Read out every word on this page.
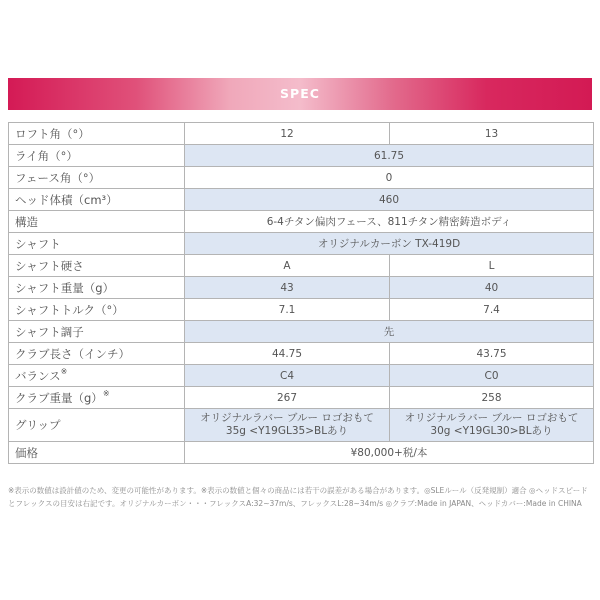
SPEC
ロフト角（°）	12	13
ライ角（°）	61.75	
フェース角（°）	0	
ヘッド体積（cm³）	460	
構造	6-4チタン偏肉フェース、811チタン精密鋳造ボディ	
シャフト	オリジナルカーボン TX-419D	
シャフト硬さ	A	L
シャフト重量（g）	43	40
シャフトトルク（°）	7.1	7.4
シャフト調子	先	
クラブ長さ（インチ）	44.75	43.75
バランス※	C4	C0
クラブ重量（g）※	267	258
グリップ	オリジナルラバー ブルー ロゴおもて 35g <Y19GL35>BLあり	オリジナルラバー ブルー ロゴおもて 30g <Y19GL30>BLあり
価格	¥80,000+税/本	
※表示の数値は設計値のため、変更の可能性があります。※表示の数値と個々の商品には若干の誤差がある場合があります。◎SLEルール（反発規制）適合 ◎ヘッドスピードとフレックスの目安は右記です。オリジナルカーボン・・・フレックスA:32~37m/s、フレックスL:28~34m/s ◎クラブ:Made in JAPAN、ヘッドカバー:Made in CHINA
